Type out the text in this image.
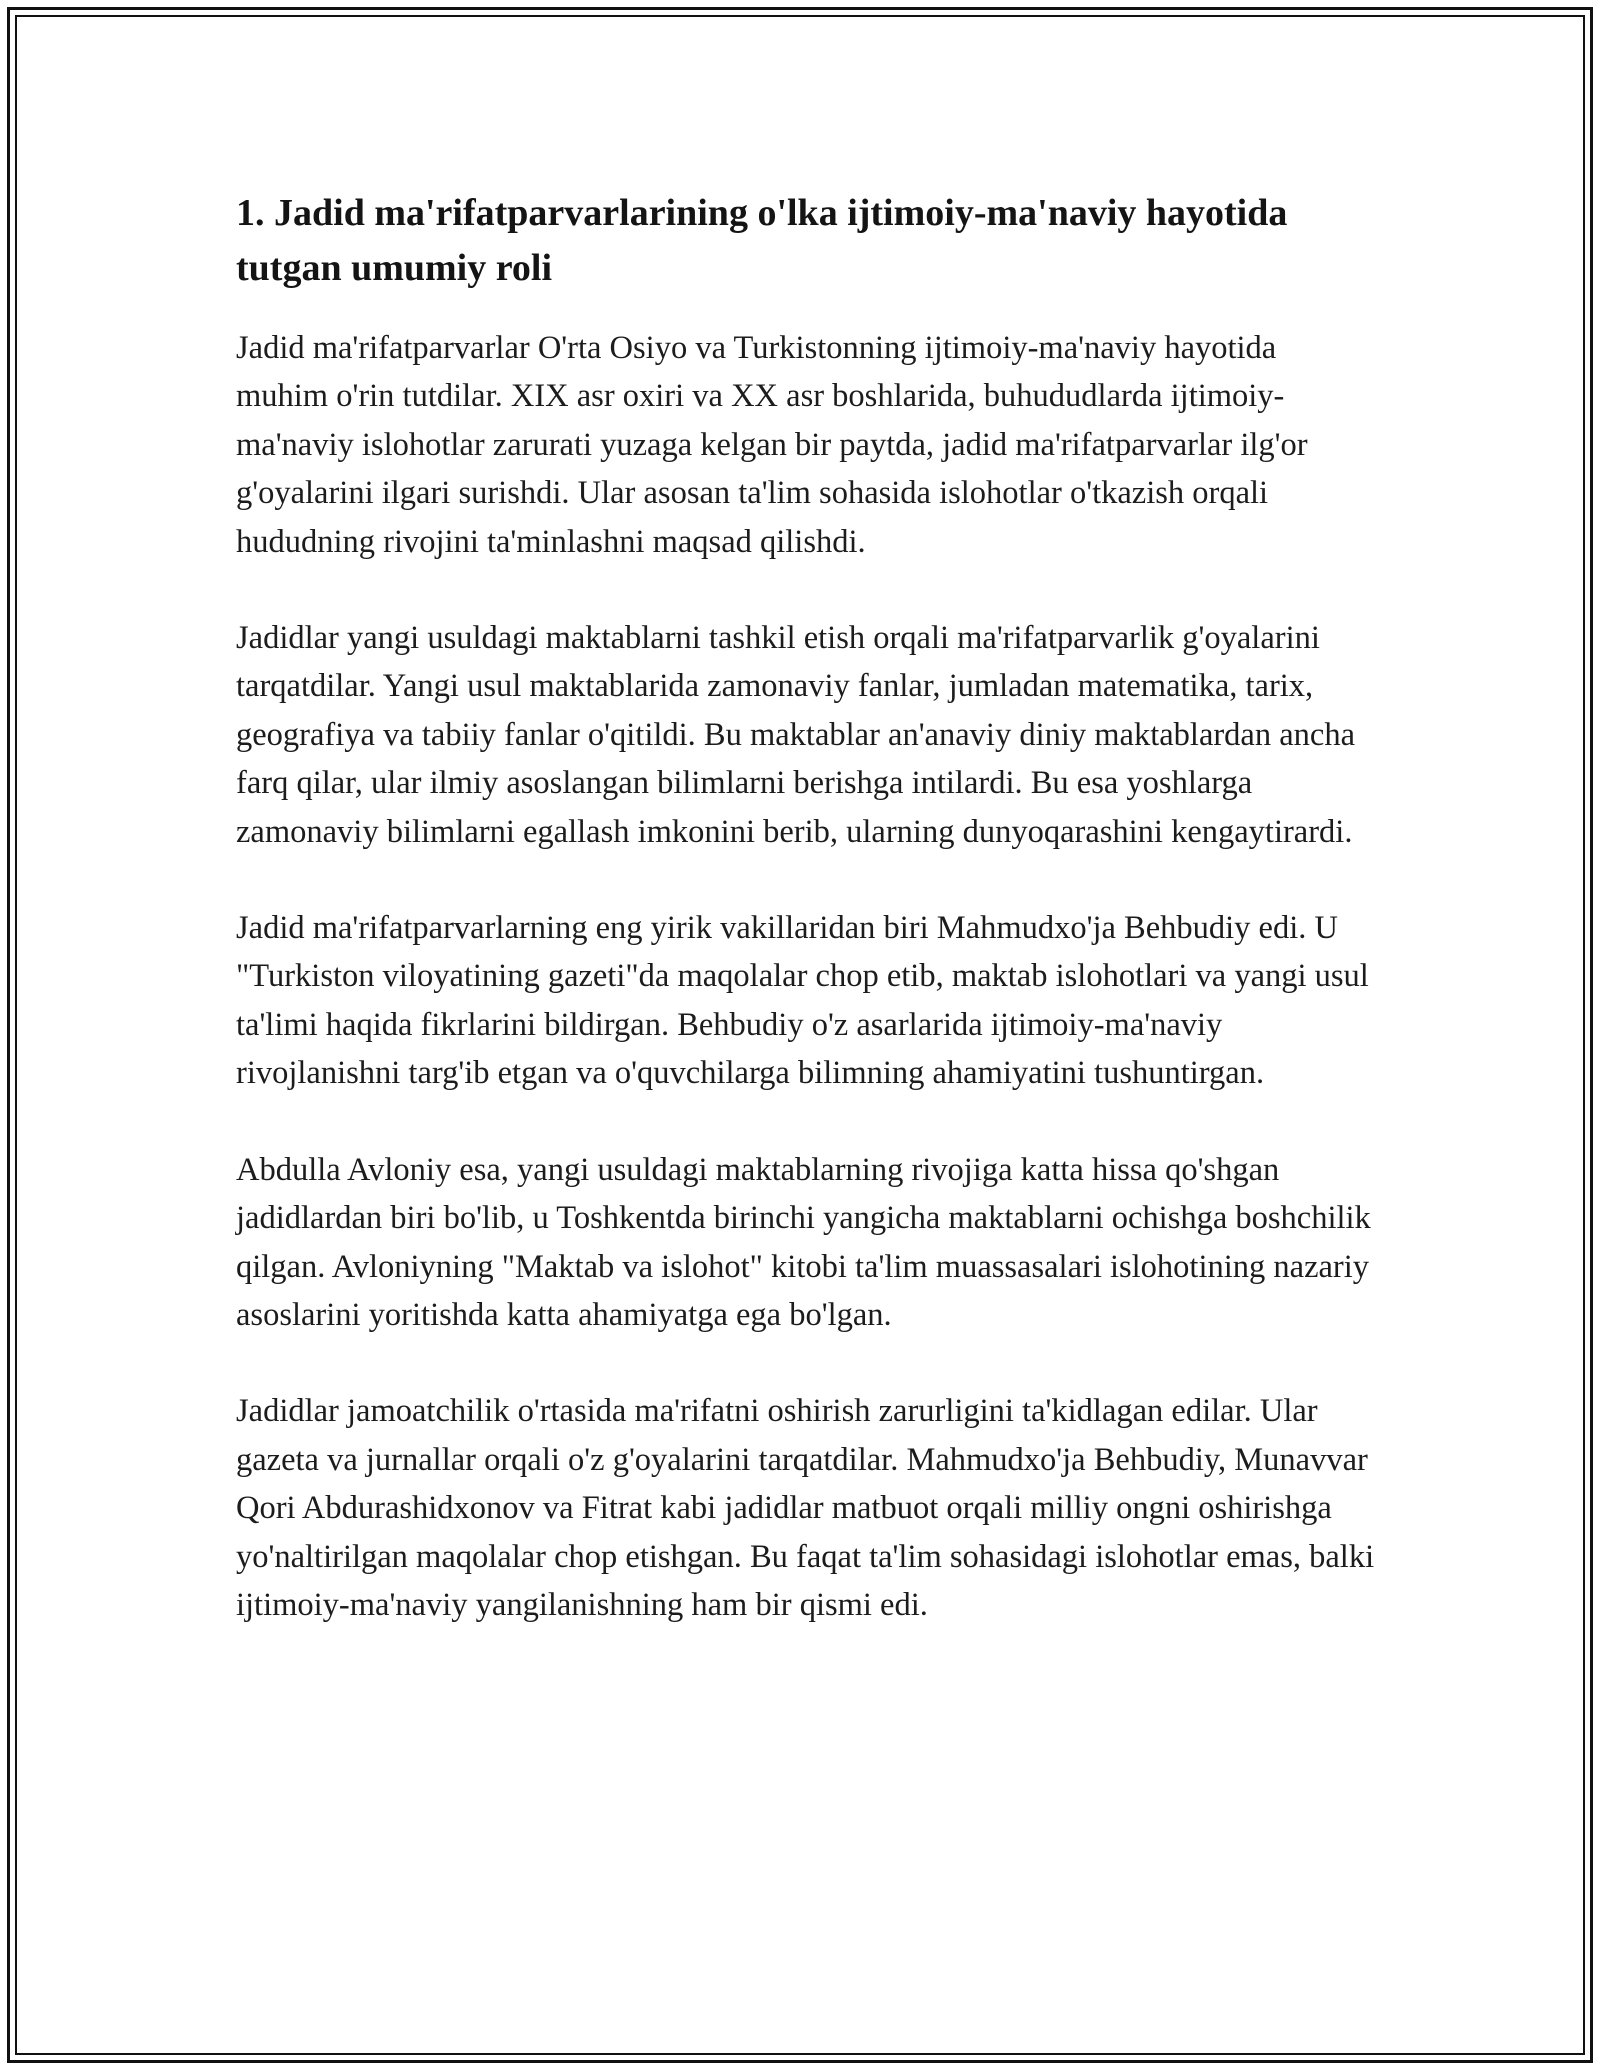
1. Jadid ma'rifatparvarlarining o'lka ijtimoiy-ma'naviy hayotida tutgan umumiy roli

Jadid ma'rifatparvarlar O'rta Osiyo va Turkistonning ijtimoiy-ma'naviy hayotida muhim o'rin tutdilar. XIX asr oxiri va XX asr boshlarida, buhududlarda ijtimoiy-ma'naviy islohotlar zarurati yuzaga kelgan bir paytda, jadid ma'rifatparvarlar ilg'or g'oyalarini ilgari surishdi. Ular asosan ta'lim sohasida islohotlar o'tkazish orqali hududning rivojini ta'minlashni maqsad qilishdi.

Jadidlar yangi usuldagi maktablarni tashkil etish orqali ma'rifatparvarlik g'oyalarini tarqatdilar. Yangi usul maktablarida zamonaviy fanlar, jumladan matematika, tarix, geografiya va tabiiy fanlar o'qitildi. Bu maktablar an'anaviy diniy maktablardan ancha farq qilar, ular ilmiy asoslangan bilimlarni berishga intilardi. Bu esa yoshlarga zamonaviy bilimlarni egallash imkonini berib, ularning dunyoqarashini kengaytirardi.

Jadid ma'rifatparvarlarning eng yirik vakillaridan biri Mahmudxo'ja Behbudiy edi. U "Turkiston viloyatining gazeti"da maqolalar chop etib, maktab islohotlari va yangi usul ta'limi haqida fikrlarini bildirgan. Behbudiy o'z asarlarida ijtimoiy-ma'naviy rivojlanishni targ'ib etgan va o'quvchilarga bilimning ahamiyatini tushuntirgan.

Abdulla Avloniy esa, yangi usuldagi maktablarning rivojiga katta hissa qo'shgan jadidlardan biri bo'lib, u Toshkentda birinchi yangicha maktablarni ochishga boshchilik qilgan. Avloniyning "Maktab va islohot" kitobi ta'lim muassasalari islohotining nazariy asoslarini yoritishda katta ahamiyatga ega bo'lgan.

Jadidlar jamoatchilik o'rtasida ma'rifatni oshirish zarurligini ta'kidlagan edilar. Ular gazeta va jurnallar orqali o'z g'oyalarini tarqatdilar. Mahmudxo'ja Behbudiy, Munavvar Qori Abdurashidxonov va Fitrat kabi jadidlar matbuot orqali milliy ongni oshirishga yo'naltirilgan maqolalar chop etishgan. Bu faqat ta'lim sohasidagi islohotlar emas, balki ijtimoiy-ma'naviy yangilanishning ham bir qismi edi.
